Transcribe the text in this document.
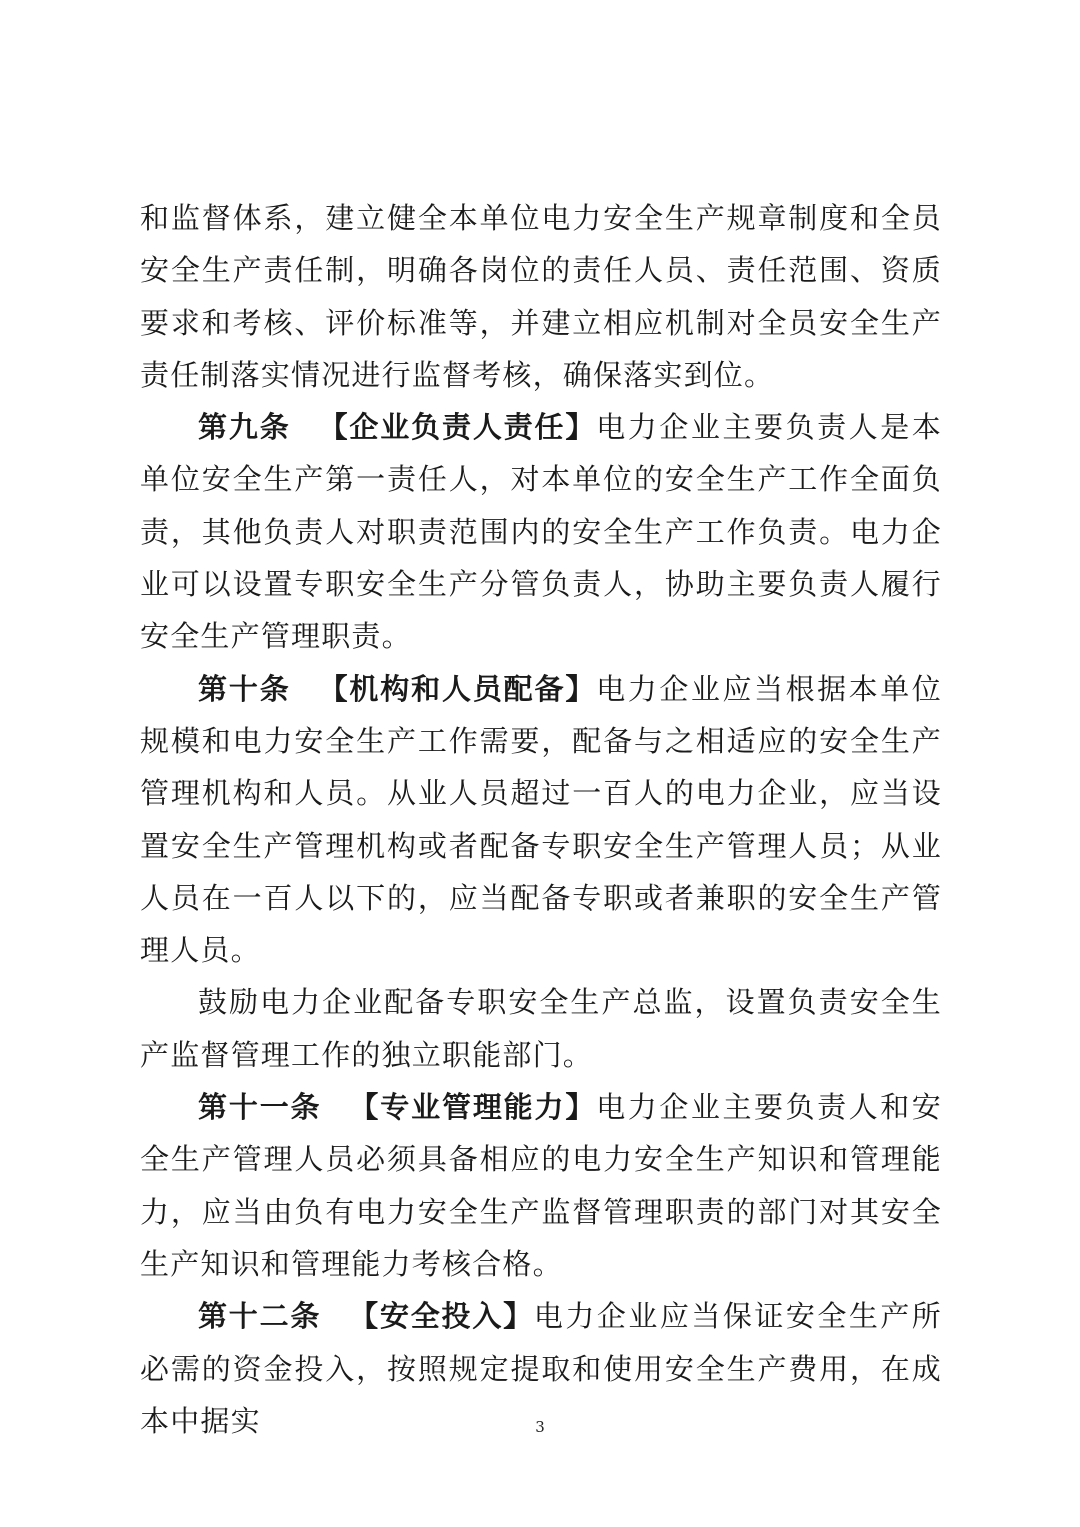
和监督体系，建立健全本单位电力安全生产规章制度和全员安全生产责任制，明确各岗位的责任人员、责任范围、资质要求和考核、评价标准等，并建立相应机制对全员安全生产责任制落实情况进行监督考核，确保落实到位。

第九条 【企业负责人责任】电力企业主要负责人是本单位安全生产第一责任人，对本单位的安全生产工作全面负责，其他负责人对职责范围内的安全生产工作负责。电力企业可以设置专职安全生产分管负责人，协助主要负责人履行安全生产管理职责。

第十条 【机构和人员配备】电力企业应当根据本单位规模和电力安全生产工作需要，配备与之相适应的安全生产管理机构和人员。从业人员超过一百人的电力企业，应当设置安全生产管理机构或者配备专职安全生产管理人员；从业人员在一百人以下的，应当配备专职或者兼职的安全生产管理人员。

鼓励电力企业配备专职安全生产总监，设置负责安全生产监督管理工作的独立职能部门。

第十一条 【专业管理能力】电力企业主要负责人和安全生产管理人员必须具备相应的电力安全生产知识和管理能力，应当由负有电力安全生产监督管理职责的部门对其安全生产知识和管理能力考核合格。

第十二条 【安全投入】电力企业应当保证安全生产所必需的资金投入，按照规定提取和使用安全生产费用，在成本中据实	3
